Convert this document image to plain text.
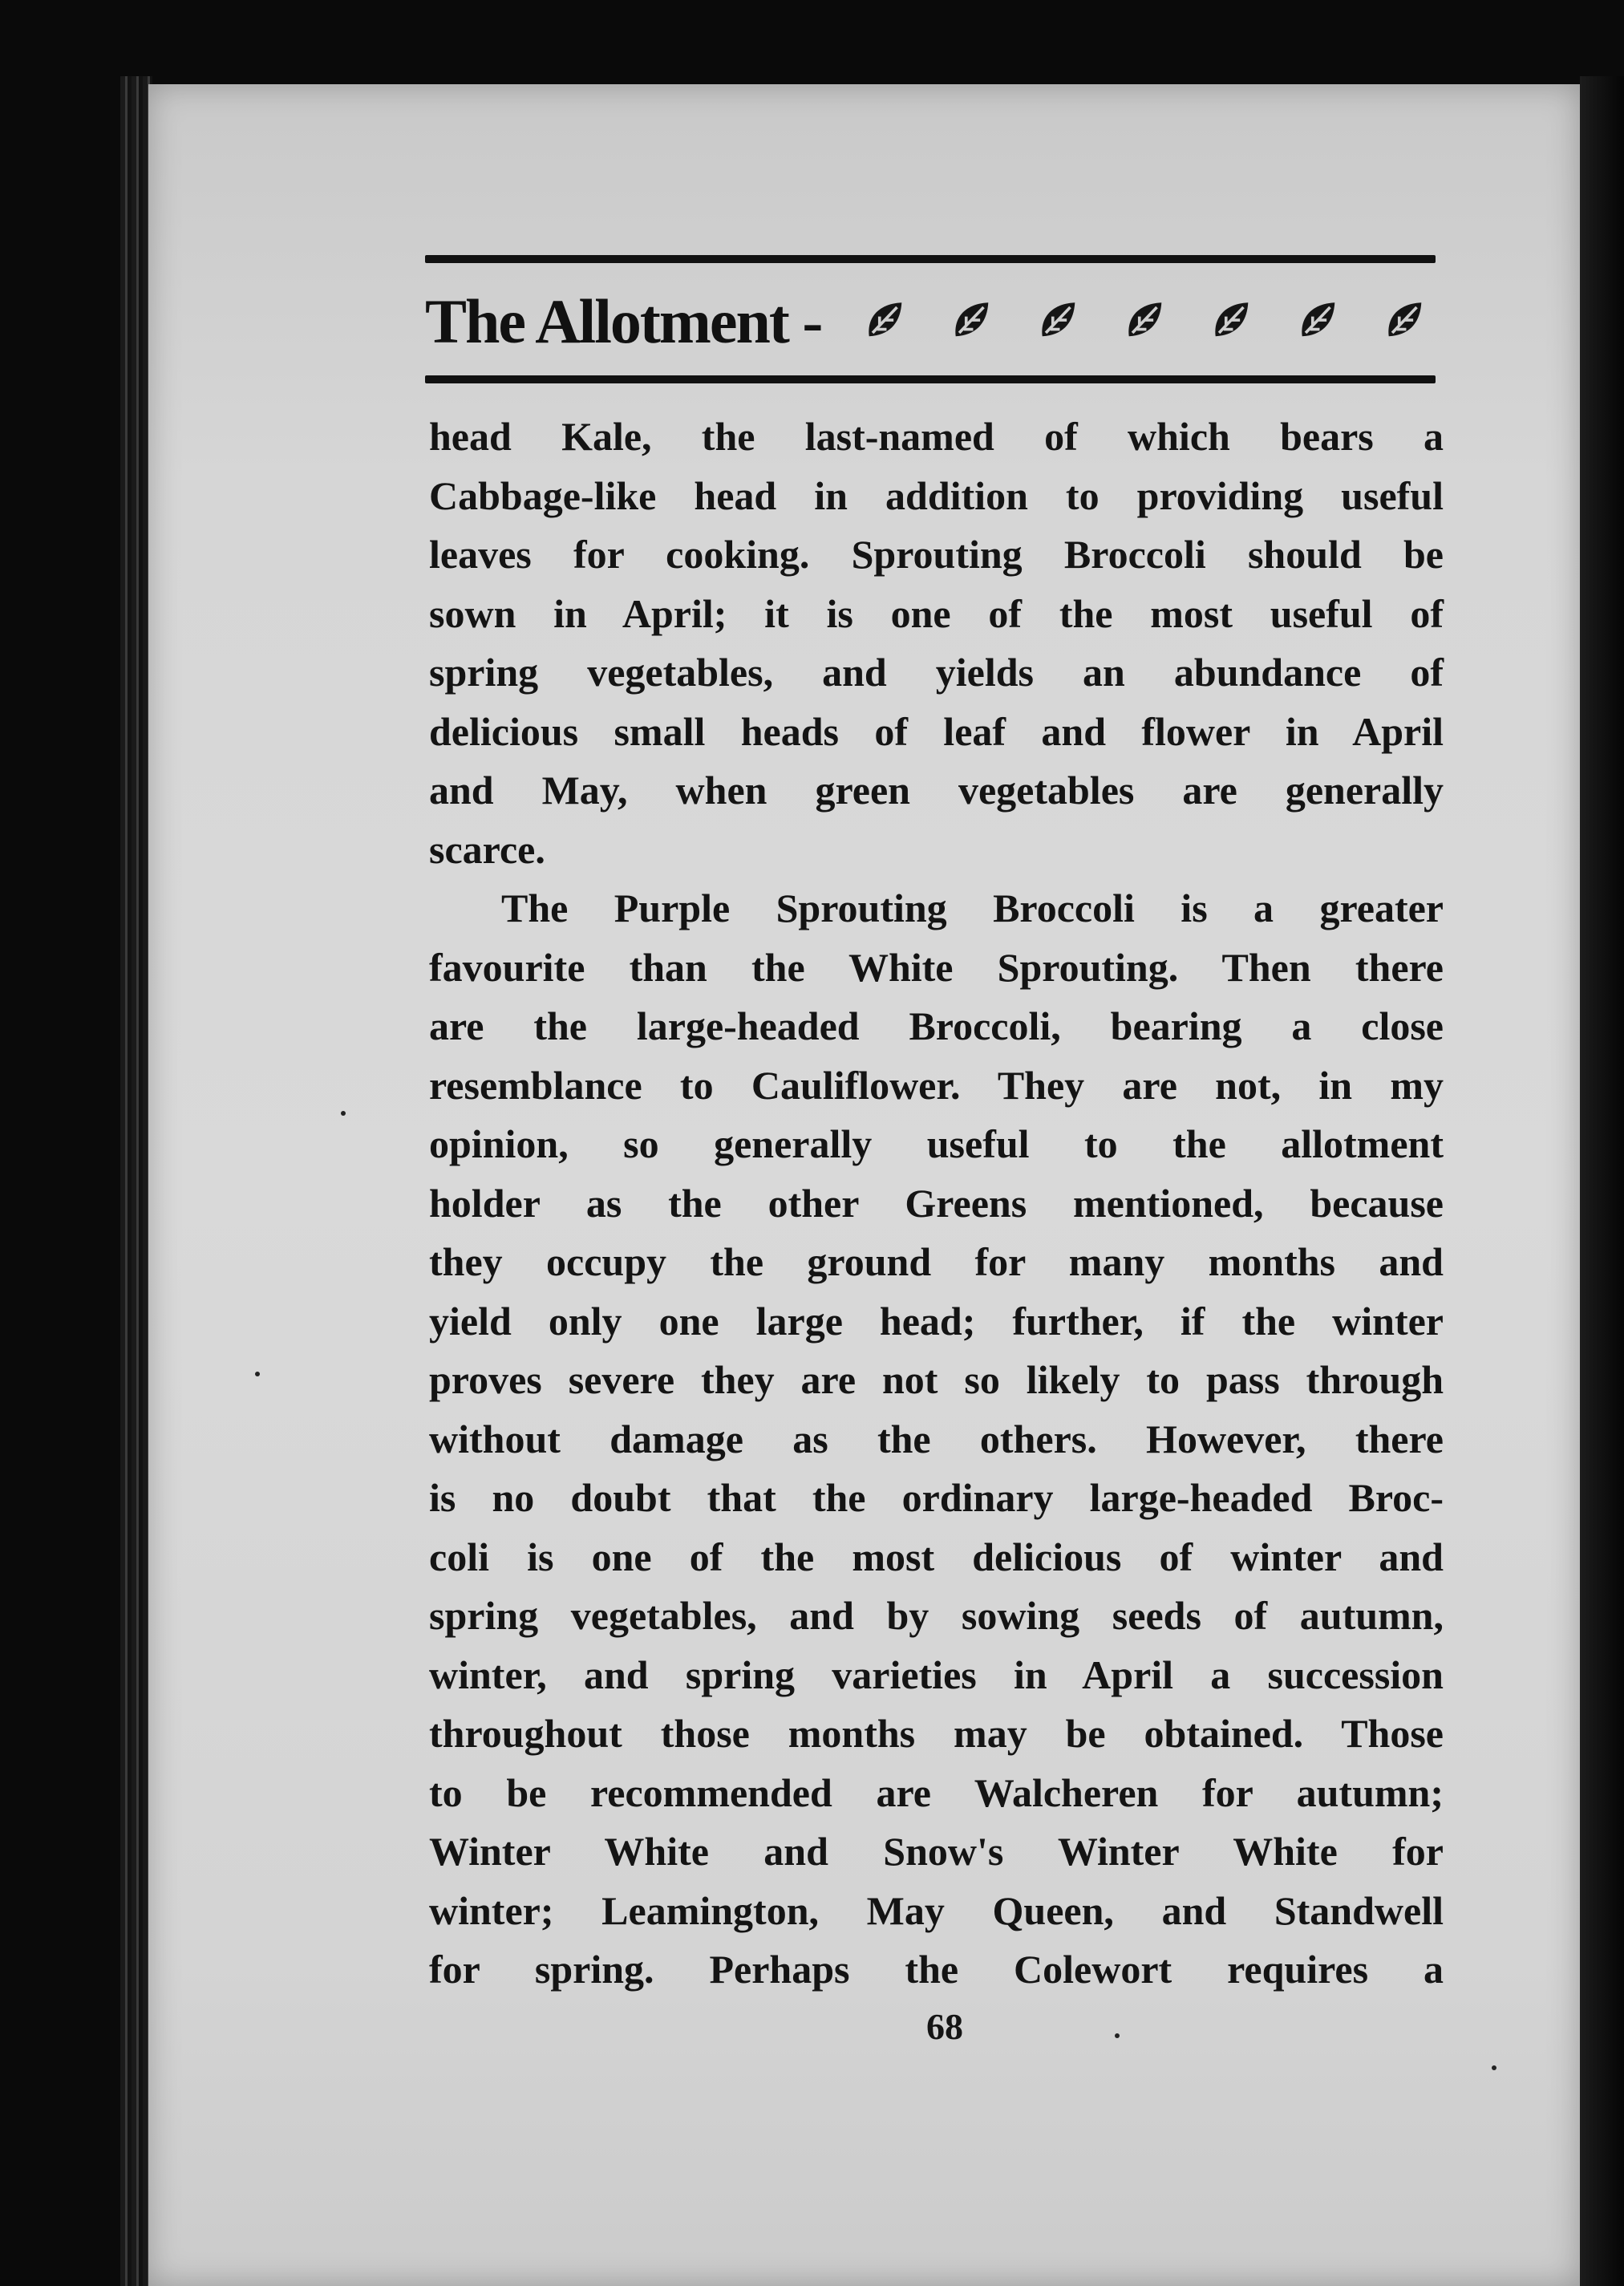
The Allotment -

head Kale, the last-named of which bears a
Cabbage-like head in addition to providing useful
leaves for cooking. Sprouting Broccoli should be
sown in April; it is one of the most useful of
spring vegetables, and yields an abundance of
delicious small heads of leaf and flower in April
and May, when green vegetables are generally
scarce.

The Purple Sprouting Broccoli is a greater
favourite than the White Sprouting. Then there
are the large-headed Broccoli, bearing a close
resemblance to Cauliflower. They are not, in my
opinion, so generally useful to the allotment
holder as the other Greens mentioned, because
they occupy the ground for many months and
yield only one large head; further, if the winter
proves severe they are not so likely to pass through
without damage as the others. However, there
is no doubt that the ordinary large-headed Broc-
coli is one of the most delicious of winter and
spring vegetables, and by sowing seeds of autumn,
winter, and spring varieties in April a succession
throughout those months may be obtained. Those
to be recommended are Walcheren for autumn;
Winter White and Snow's Winter White for
winter; Leamington, May Queen, and Standwell
for spring. Perhaps the Colewort requires a

68
